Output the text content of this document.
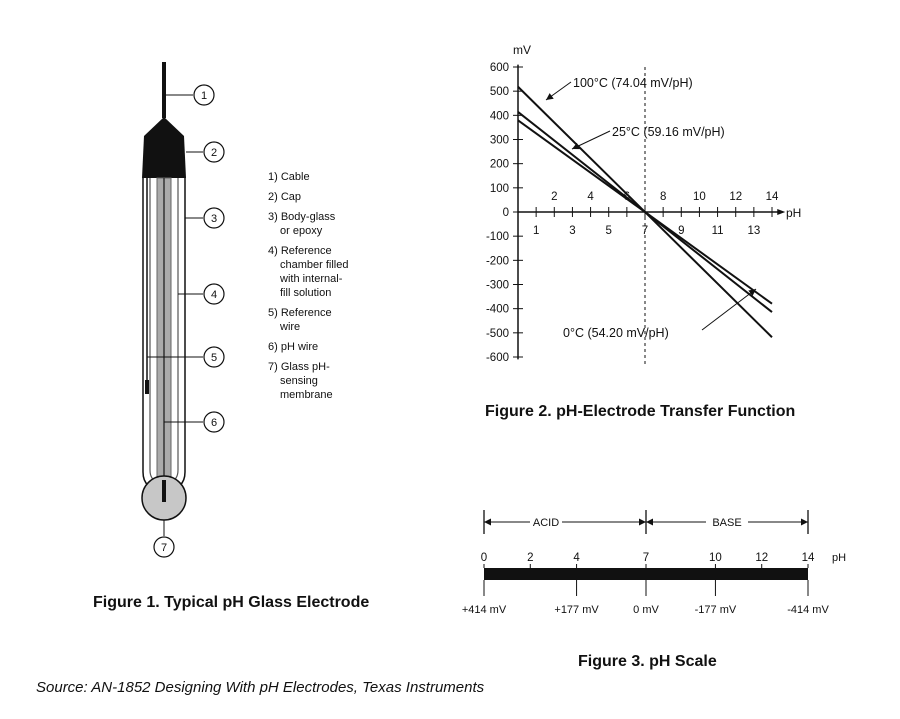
1
2
3
4
5
6
7
1) Cable
2) Cap
3) Body-glass
or epoxy
4) Reference
chamber filled
with internal-
fill solution
5) Reference
wire
6) pH wire
7) Glass pH-
sensing
membrane
Figure 1. Typical pH Glass Electrode
mV
pH
600
500
400
300
200
100
0
-100
-200
-300
-400
-500
-600
2	4	8 10 12 14
1	3	5	7	9 11 13
100°C (74.04 mV/pH)
25°C (59.16 mV/pH)
0°C (54.20 mV/pH)
Figure 2. pH-Electrode Transfer Function
ACID	BASE
pH
0	2	4	7	10	12	14
+414 mV	+177 mV	0 mV	-177 mV	-414 mV
Figure 3. pH Scale
Source: AN-1852 Designing With pH Electrodes, Texas Instruments
